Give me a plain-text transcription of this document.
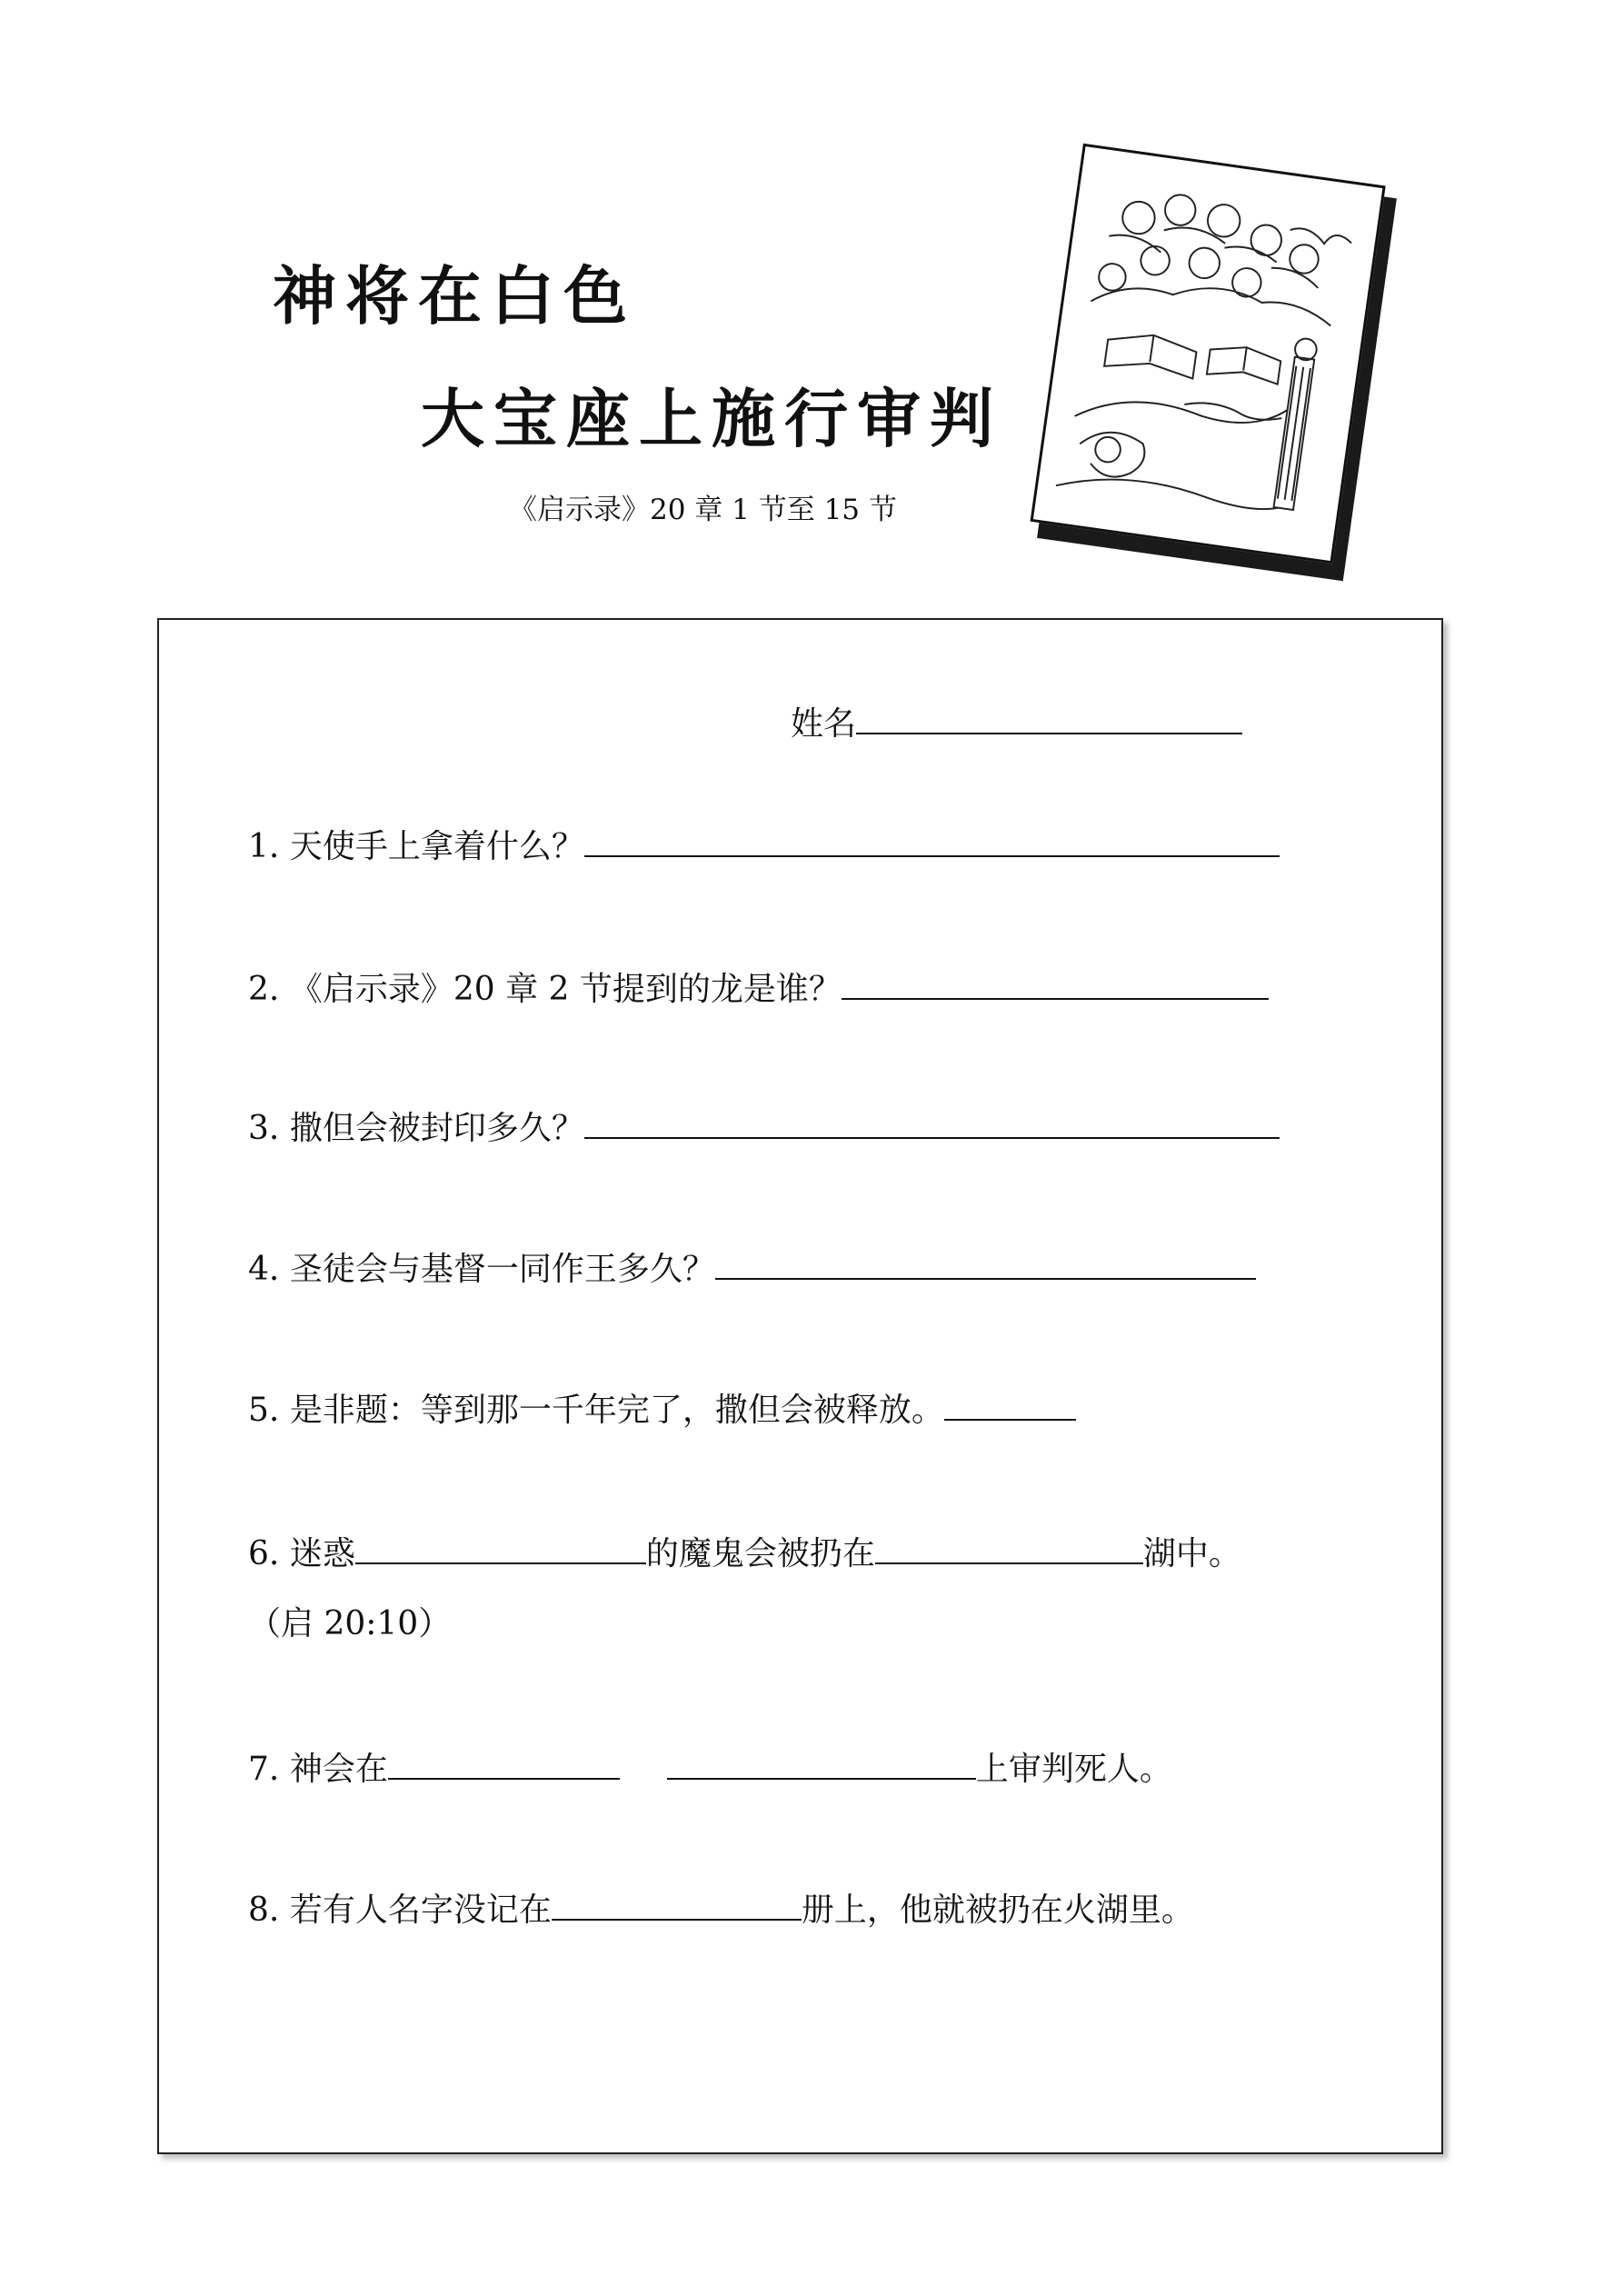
神将在白色
大宝座上施行审判
《启示录》20 章 1 节至 15 节
姓名
1. 天使手上拿着什么？
2. 《启示录》20 章 2 节提到的龙是谁？
3. 撒但会被封印多久？
4. 圣徒会与基督一同作王多久？
5. 是非题：等到那一千年完了，撒但会被释放。
6. 迷惑	的魔鬼会被扔在	湖中。
（启 20:10）
7. 神会在	上审判死人。
8. 若有人名字没记在	册上，他就被扔在火湖里。
